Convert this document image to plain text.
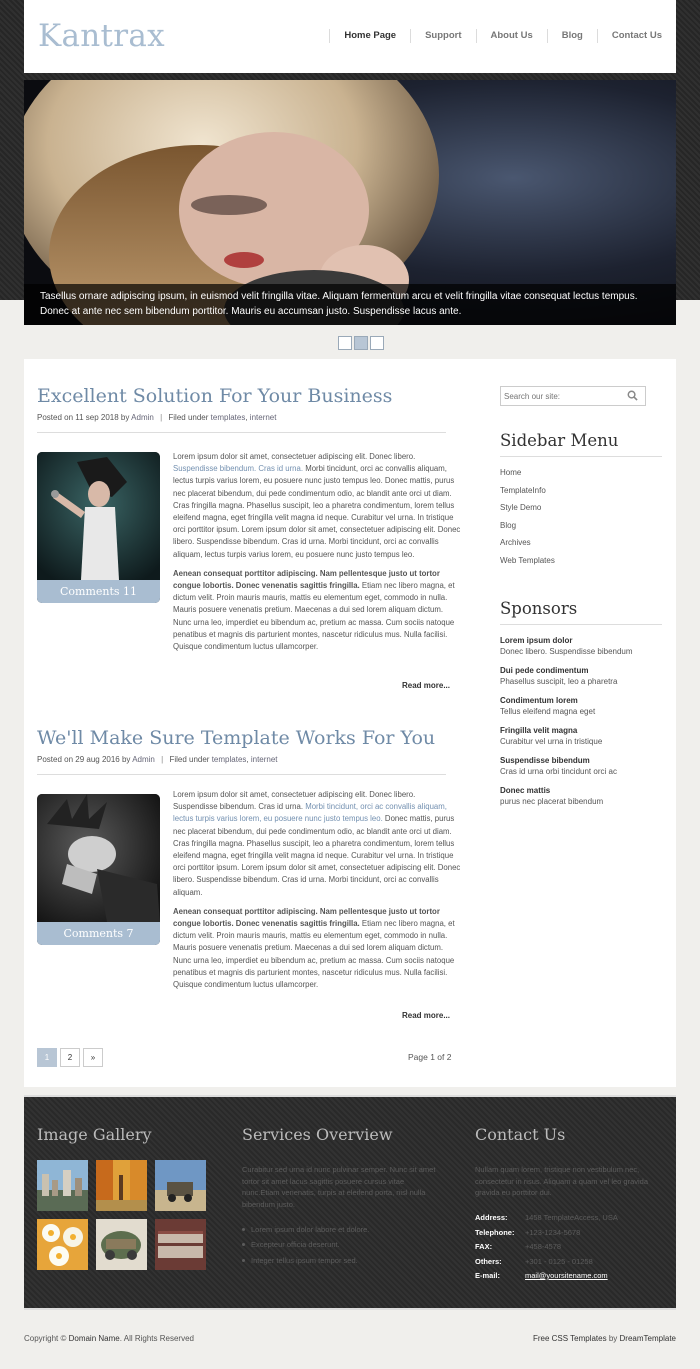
Kantrax	Home Page	Support	About Us	Blog	Contact Us
Tasellus ornare adipiscing ipsum, in euismod velit fringilla vitae. Aliquam fermentum arcu et velit fringilla vitae consequat lectus tempus. Donec at ante nec sem bibendum porttitor. Mauris eu accumsan justo. Suspendisse lacus ante.
Excellent Solution For Your Business
Posted on 11 sep 2018 by Admin | Filed under templates, internet
Comments 11

Lorem ipsum dolor sit amet, consectetuer adipiscing elit. Donec libero. Suspendisse bibendum. Cras id urna. Morbi tincidunt, orci ac convallis aliquam, lectus turpis varius lorem, eu posuere nunc justo tempus leo. Donec mattis, purus nec placerat bibendum, dui pede condimentum odio, ac blandit ante orci ut diam. Cras fringilla magna. Phasellus suscipit, leo a pharetra condimentum, lorem tellus eleifend magna, eget fringilla velit magna id neque. Curabitur vel urna. In tristique orci porttitor ipsum. Lorem ipsum dolor sit amet, consectetuer adipiscing elit. Donec libero. Suspendisse bibendum. Cras id urna. Morbi tincidunt, orci ac convallis aliquam, lectus turpis varius lorem, eu posuere nunc justo tempus leo.

Aenean consequat porttitor adipiscing. Nam pellentesque justo ut tortor congue lobortis. Donec venenatis sagittis fringilla. Etiam nec libero magna, et dictum velit. Proin mauris mauris, mattis eu elementum eget, commodo in nulla. Mauris posuere venenatis pretium. Maecenas a dui sed lorem aliquam dictum. Nunc urna leo, imperdiet eu bibendum ac, pretium ac massa. Cum sociis natoque penatibus et magnis dis parturient montes, nascetur ridiculus mus. Nulla facilisi. Quisque condimentum luctus ullamcorper.

Read more...
We'll Make Sure Template Works For You
Posted on 29 aug 2016 by Admin | Filed under templates, internet
Comments 7

Lorem ipsum dolor sit amet, consectetuer adipiscing elit. Donec libero. Suspendisse bibendum. Cras id urna. Morbi tincidunt, orci ac convallis aliquam, lectus turpis varius lorem, eu posuere nunc justo tempus leo. Donec mattis, purus nec placerat bibendum, dui pede condimentum odio, ac blandit ante orci ut diam. Cras fringilla magna. Phasellus suscipit, leo a pharetra condimentum, lorem tellus eleifend magna, eget fringilla velit magna id neque. Curabitur vel urna. In tristique orci porttitor ipsum. Lorem ipsum dolor sit amet, consectetuer adipiscing elit. Donec libero. Suspendisse bibendum. Cras id urna. Morbi tincidunt, orci ac convallis aliquam.

Aenean consequat porttitor adipiscing. Nam pellentesque justo ut tortor congue lobortis. Donec venenatis sagittis fringilla. Etiam nec libero magna, et dictum velit. Proin mauris mauris, mattis eu elementum eget, commodo in nulla. Mauris posuere venenatis pretium. Maecenas a dui sed lorem aliquam dictum. Nunc urna leo, imperdiet eu bibendum ac, pretium ac massa. Cum sociis natoque penatibus et magnis dis parturient montes, nascetur ridiculus mus. Nulla facilisi. Quisque condimentum luctus ullamcorper.

Read more...
1	2	»	Page 1 of 2
Search our site:
Sidebar Menu
Home
TemplateInfo
Style Demo
Blog
Archives
Web Templates
Sponsors
Lorem ipsum dolor
Donec libero. Suspendisse bibendum
Dui pede condimentum
Phasellus suscipit, leo a pharetra
Condimentum lorem
Tellus eleifend magna eget
Fringilla velit magna
Curabitur vel urna in tristique
Suspendisse bibendum
Cras id urna orbi tincidunt orci ac
Donec mattis
purus nec placerat bibendum
Image Gallery	Services Overview
Curabitur sed urna id nunc pulvinar semper. Nunc sit amet tortor sit amet lacus sagittis posuere cursus vitae nunc.Etiam venenatis, turpis at eleifend porta, nisl nulla bibendum justo.
Lorem ipsum dolor labore et dolore.
Excepteur officia deserunt.
Integer tellus ipsum tempor sed.
Contact Us
Nullam quam lorem, tristique non vestibulum nec, consectetur in risus. Aliquam a quam vel leo gravida gravida eu porttitor dui.
Address:	1458 TemplateAccess, USA
Telephone:	+123-1234-5678
FAX:	+458-4578
Others:	+301 - 0125 - 01258
E-mail:	mail@yoursitename.com
Copyright © Domain Name. All Rights Reserved	Free CSS Templates by DreamTemplate
